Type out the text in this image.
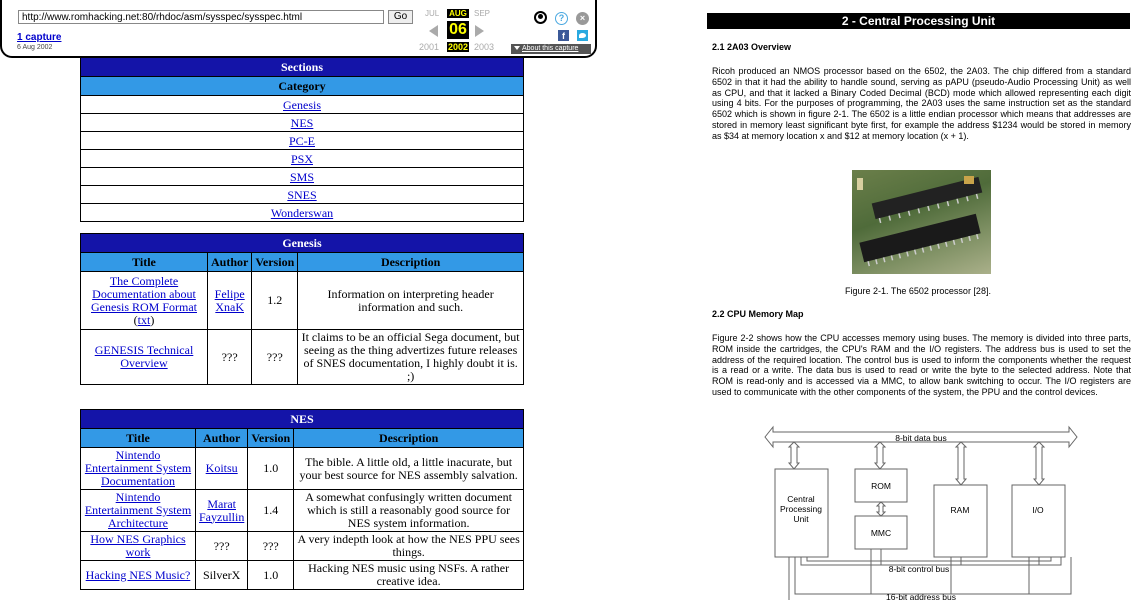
http://www.romhacking.net:80/rhdoc/asm/sysspec/sysspec.html
Go
1 capture
6 Aug 2002
JUL AUG SEP
06
2001 2002 2003
?	×
f
About this capture
Sections
Category
Genesis
NES
PC-E
PSX
SMS
SNES
Wonderswan
Genesis			
Title	Author	Version	Description
The Complete Documentation about Genesis ROM Format
(txt)	Felipe XnaK	1.2	Information on interpreting header information and such.
GENESIS Technical Overview	???	???	It claims to be an official Sega document, but seeing as the thing advertizes future releases of SNES documentation, I highly doubt it is. ;)
NES			
Title	Author	Version	Description
Nintendo Entertainment System Documentation	Koitsu	1.0	The bible. A little old, a little inacurate, but your best source for NES assembly salvation.
Nintendo Entertainment System Architecture	Marat Fayzullin	1.4	A somewhat confusingly written document which is still a reasonably good source for NES system information.
How NES Graphics work	???	???	A very indepth look at how the NES PPU sees things.
Hacking NES Music?	SilverX	1.0	Hacking NES music using NSFs. A rather creative idea.
2 - Central Processing Unit
2.1 2A03 Overview

Ricoh produced an NMOS processor based on the 6502, the 2A03. The chip differed from a standard 6502 in that it had the ability to handle sound, serving as pAPU (pseudo-Audio Processing Unit) as well as CPU, and that it lacked a Binary Coded Decimal (BCD) mode which allowed representing each digit using 4 bits. For the purposes of programming, the 2A03 uses the same instruction set as the standard 6502 which is shown in figure 2-1. The 6502 is a little endian processor which means that addresses are stored in memory least significant byte first, for example the address $1234 would be stored in memory as $34 at memory location x and $12 at memory location (x + 1).

Figure 2-1. The 6502 processor [28].
2.2 CPU Memory Map

Figure 2-2 shows how the CPU accesses memory using buses. The memory is divided into three parts, ROM inside the cartridges, the CPU's RAM and the I/O registers. The address bus is used to set the address of the required location. The control bus is used to inform the components whether the request is a read or a write. The data bus is used to read or write the byte to the selected address. Note that ROM is read-only and is accessed via a MMC, to allow bank switching to occur. The I/O registers are used to communicate with the other components of the system, the PPU and the control devices.

8-bit data bus
Central
Processing
Unit
ROM
MMC
RAM	I/O
8-bit control bus
16-bit address bus
